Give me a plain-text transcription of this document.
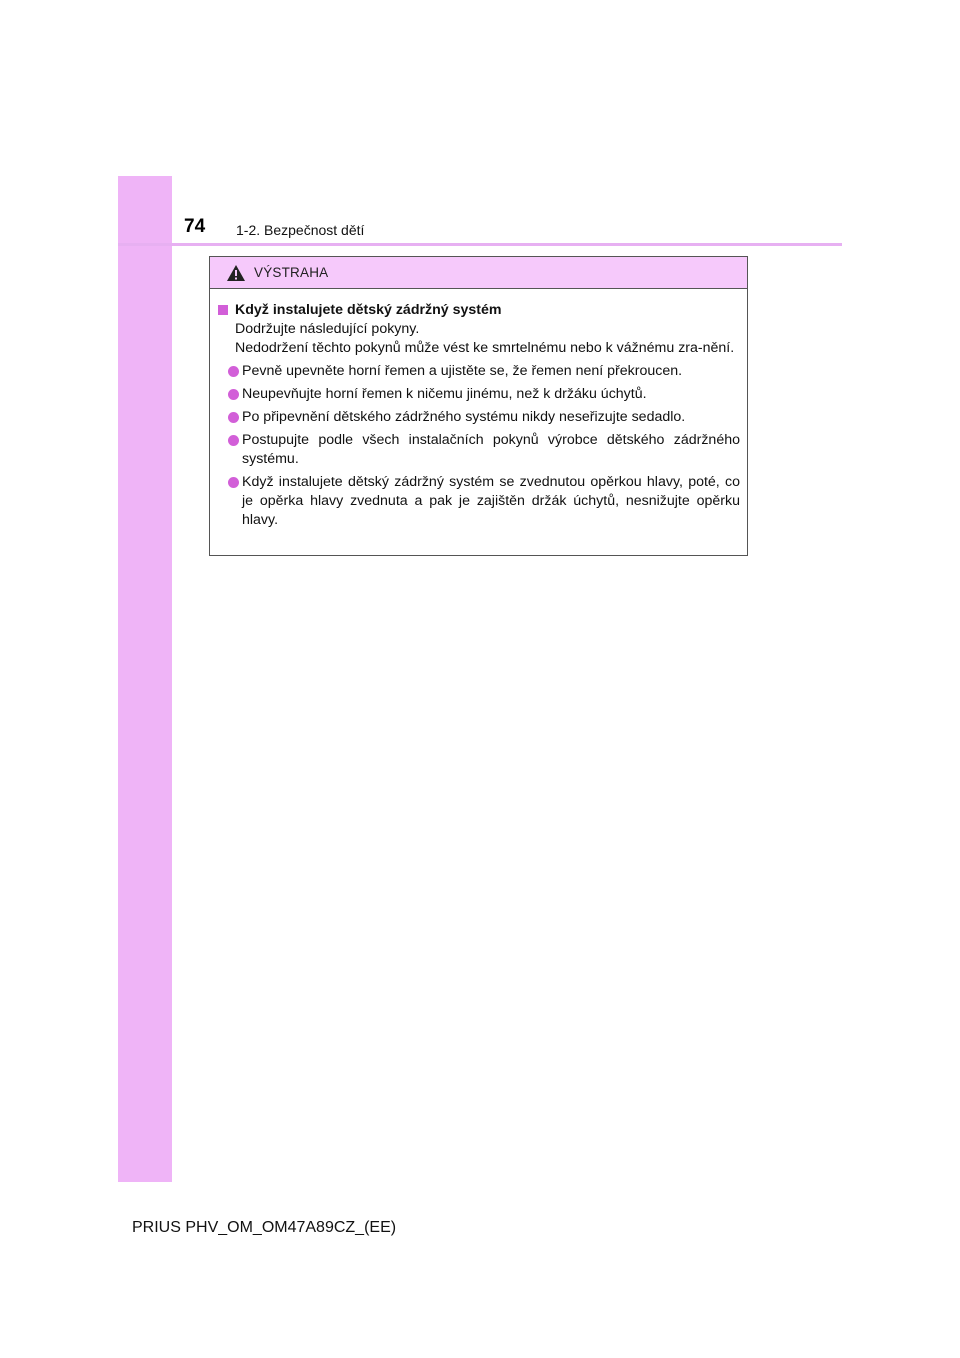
74 1-2. Bezpečnost dětí
VÝSTRAHA
Když instalujete dětský zádržný systém

Dodržujte následující pokyny.

Nedodržení těchto pokynů může vést ke smrtelnému nebo k vážnému zra-nění.

Pevně upevněte horní řemen a ujistěte se, že řemen není překroucen.
Neupevňujte horní řemen k ničemu jinému, než k držáku úchytů.
Po připevnění dětského zádržného systému nikdy neseřizujte sedadlo.
Postupujte podle všech instalačních pokynů výrobce dětského zádržného systému.
Když instalujete dětský zádržný systém se zvednutou opěrkou hlavy, poté, co je opěrka hlavy zvednuta a pak je zajištěn držák úchytů, nesnižujte opěrku hlavy.
PRIUS PHV_OM_OM47A89CZ_(EE)
